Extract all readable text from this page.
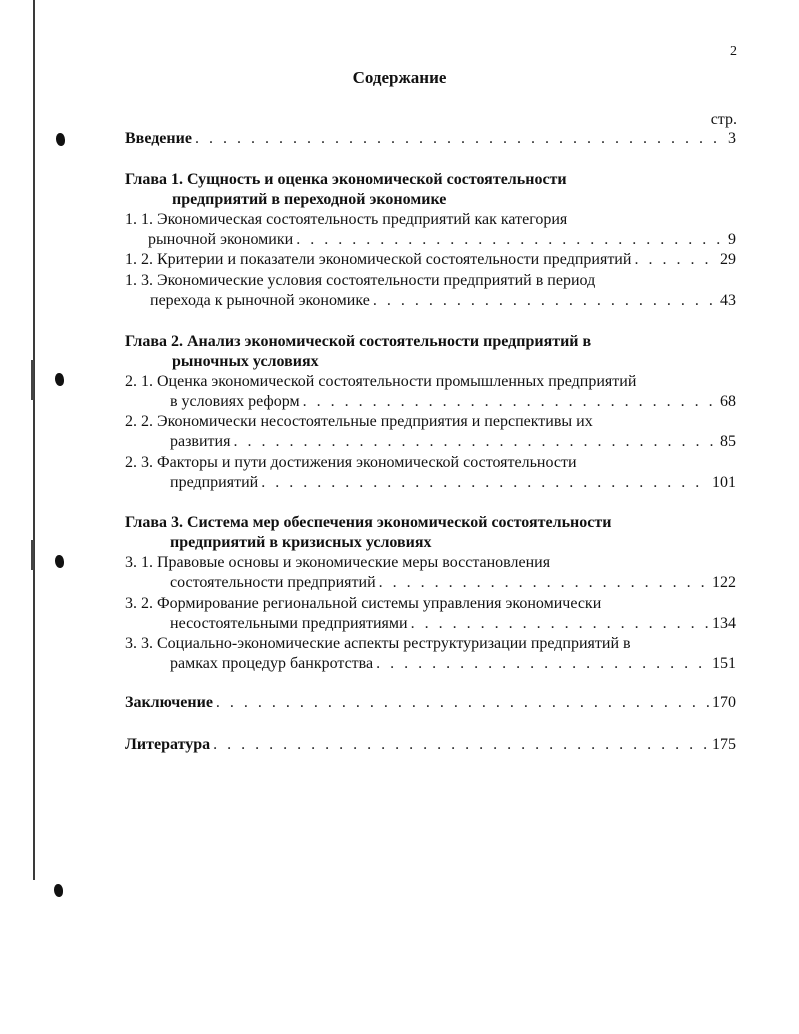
2
Содержание
стр.
Введение . . .	3
Глава 1. Сущность и оценка экономической состоятельности
предприятий в переходной экономике
1. 1. Экономическая состоятельность предприятий как категория
рыночной экономики . . .	9
1. 2. Критерии и показатели экономической состоятельности предприятий . . .	29
1. 3. Экономические условия состоятельности предприятий в период
перехода к рыночной экономике . . .	43
Глава 2. Анализ экономической состоятельности предприятий в
рыночных условиях
2. 1. Оценка экономической состоятельности промышленных предприятий
в условиях реформ . . .	68
2. 2. Экономически несостоятельные предприятия и перспективы их
развития . . .	85
2. 3. Факторы и пути достижения экономической состоятельности
предприятий . . .	101
Глава 3. Система мер обеспечения экономической состоятельности
предприятий в кризисных условиях
3. 1. Правовые основы и экономические меры восстановления
состоятельности предприятий . . .	122
3. 2. Формирование региональной системы управления экономически
несостоятельными предприятиями . . .	134
3. 3. Социально-экономические аспекты реструктуризации предприятий в
рамках процедур банкротства . . .	151
Заключение . . .	170
Литература . . .	175
